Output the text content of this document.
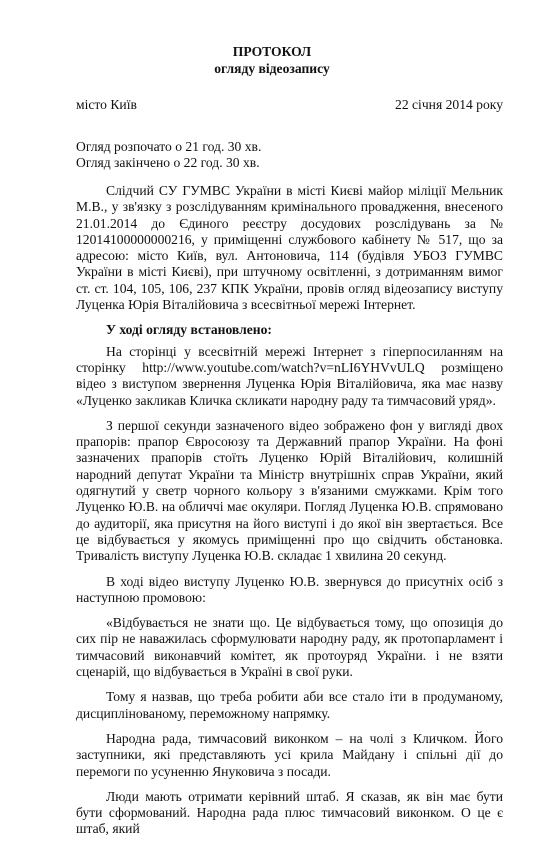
ПРОТОКОЛ
огляду відеозапису
місто Київ	22 січня 2014 року
Огляд розпочато о 21 год. 30 хв.
Огляд закінчено о 22 год. 30 хв.

Слідчий СУ ГУМВС України в місті Києві майор міліції Мельник М.В., у зв'язку з розслідуванням кримінального провадження, внесеного 21.01.2014 до Єдиного реєстру досудових розслідувань за № 12014100000000216, у приміщенні службового кабінету № 517, що за адресою: місто Київ, вул. Антоновича, 114 (будівля УБОЗ ГУМВС України в місті Києві), при штучному освітленні, з дотриманням вимог ст. ст. 104, 105, 106, 237 КПК України, провів огляд відеозапису виступу Луценка Юрія Віталійовича з всесвітньої мережі Інтернет.

У ході огляду встановлено:

На сторінці у всесвітній мережі Інтернет з гіперпосиланням на сторінку http://www.youtube.com/watch?v=nLI6YHVvULQ розміщено відео з виступом звернення Луценка Юрія Віталійовича, яка має назву «Луценко закликав Кличка скликати народну раду та тимчасовий уряд».

З першої секунди зазначеного відео зображено фон у вигляді двох прапорів: прапор Євросоюзу та Державний прапор України. На фоні зазначених прапорів стоїть Луценко Юрій Віталійович, колишній народний депутат України та Міністр внутрішніх справ України, який одягнутий у светр чорного кольору з в'язаними смужками. Крім того Луценко Ю.В. на обличчі має окуляри. Погляд Луценка Ю.В. спрямовано до аудиторії, яка присутня на його виступі і до якої він звертається. Все це відбувається у якомусь приміщенні про що свідчить обстановка. Тривалість виступу Луценка Ю.В. складає 1 хвилина 20 секунд.

В ході відео виступу Луценко Ю.В. звернувся до присутніх осіб з наступною промовою:

«Відбувається не знати що. Це відбувається тому, що опозиція до сих пір не наважилась сформулювати народну раду, як протопарламент і тимчасовий виконавчий комітет, як протоуряд України. і не взяти сценарій, що відбувається в Україні в свої руки.

Тому я назвав, що треба робити аби все стало іти в продуманому, дисциплінованому, переможному напрямку.

Народна рада, тимчасовий виконком – на чолі з Кличком. Його заступники, які представляють усі крила Майдану і спільні дії до перемоги по усуненню Януковича з посади.

Люди мають отримати керівний штаб. Я сказав, як він має бути бути сформований. Народна рада плюс тимчасовий виконком. О це є штаб, який
